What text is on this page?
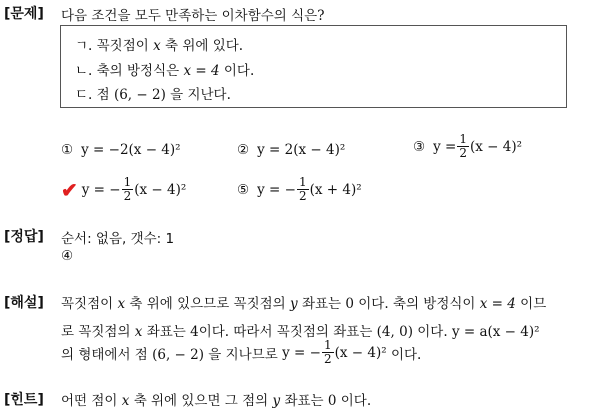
[문제] 다음 조건을 모두 만족하는 이차함수의 식은?
ㄱ. 꼭짓점이 x 축 위에 있다.
ㄴ. 축의 방정식은 x = 4 이다.
ㄷ. 점 (6, − 2) 을 지난다.
① y = −2(x − 4)²	② y = 2(x − 4)²	③ $y = \frac{1}{2} (x - 4)^2$
✔ y = − $\frac{1}{2} (x - 4)^2$	⑤ y = − $\frac{1}{2} (x + 4)^2$
[정답] 순서: 없음, 갯수: 1
④
[해설] 꼭짓점이 x 축 위에 있으므로 꼭짓점의 y 좌표는 0 이다. 축의 방정식이 x = 4 이므
로 꼭짓점의 x 좌표는 4이다. 따라서 꼭짓점의 좌표는 (4, 0) 이다. y = a(x − 4)²
의 형태에서 점 (6, − 2) 을 지나므로
y = − $\frac{1}{2} (x - 4)^2$
이다.
[힌트] 어떤 점이 x 축 위에 있으면 그 점의 y 좌표는 0 이다.
